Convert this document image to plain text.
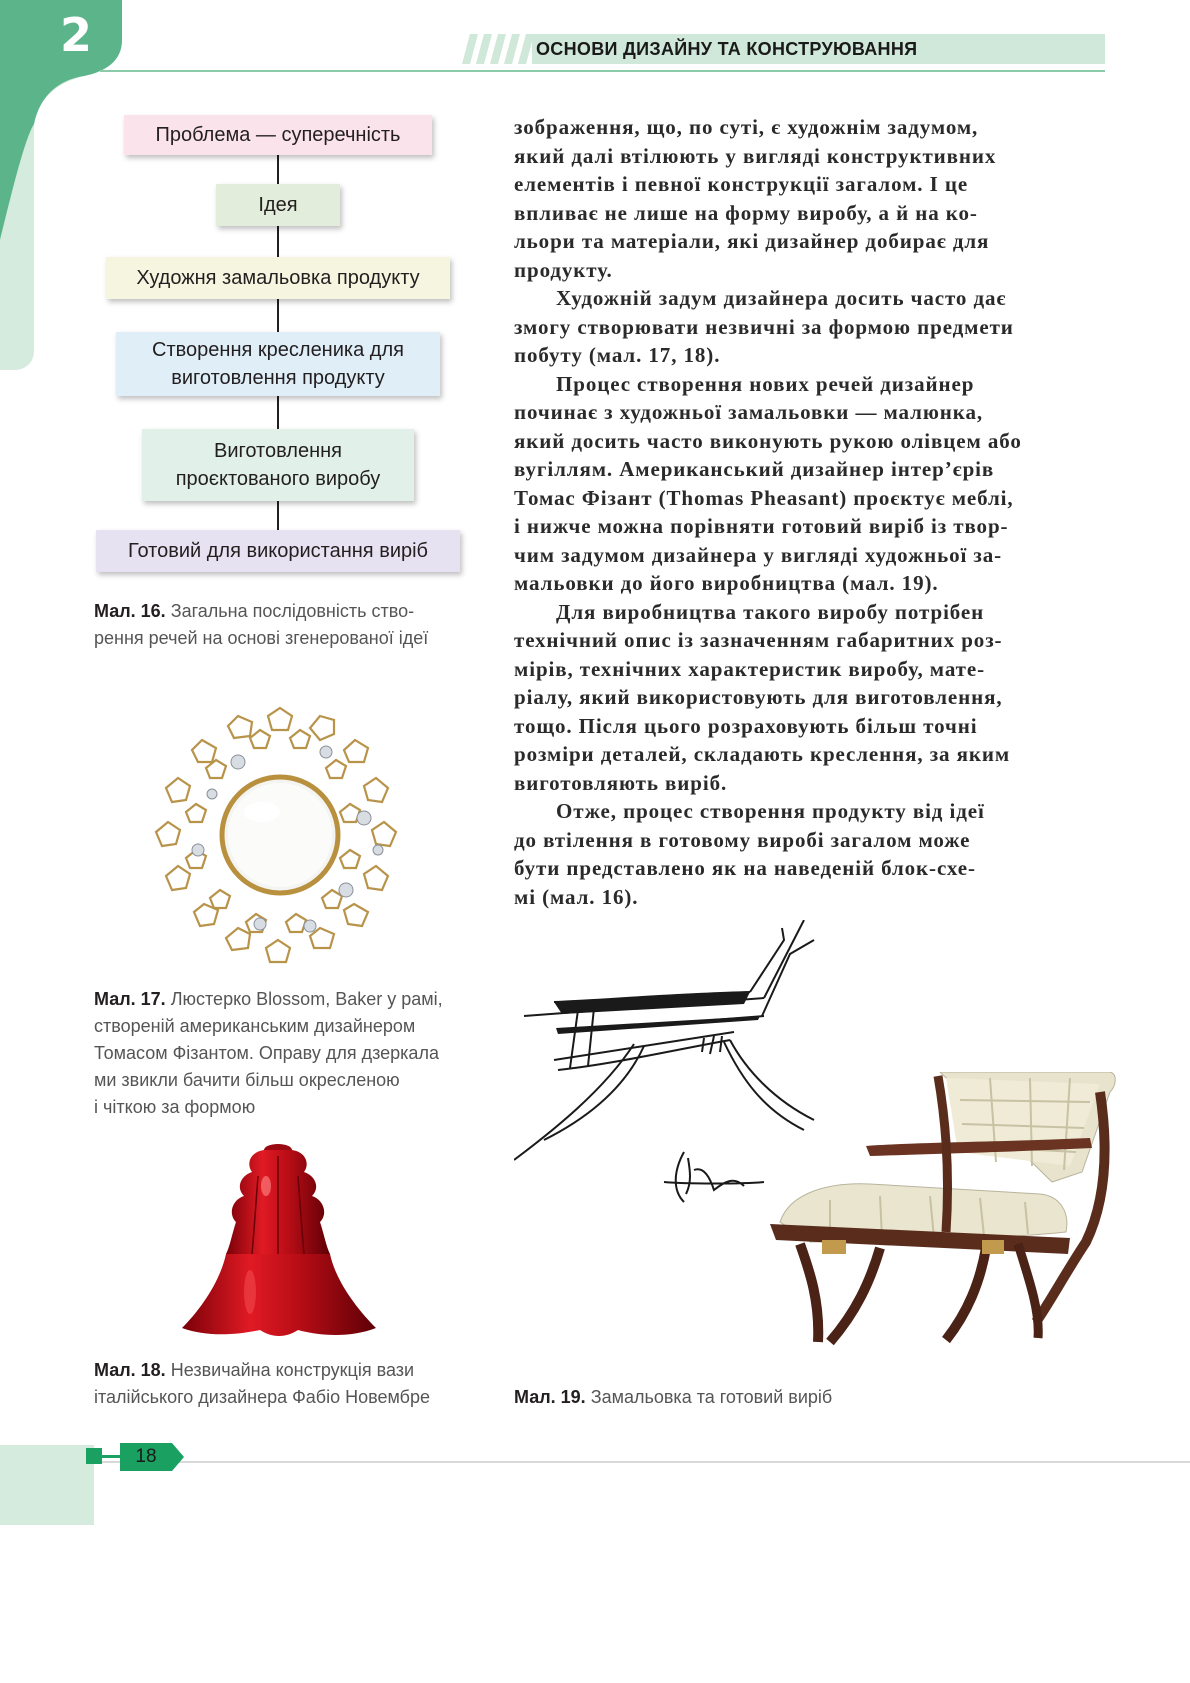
2	ОСНОВИ ДИЗАЙНУ ТА КОНСТРУЮВАННЯ
Проблема — суперечність
Ідея
Художня замальовка продукту
Створення кресленика для
виготовлення продукту
Виготовлення
проєктованого виробу
Готовий для використання виріб
Мал. 16. Загальна послідовність ство-
рення речей на основі згенерованої ідеї
Мал. 17. Люстерко Blossom, Baker у рамі,
створеній американським дизайнером
Томасом Фізантом. Оправу для дзеркала
ми звикли бачити більш окресленою
і чіткою за формою
Мал. 18. Незвичайна конструкція вази
італійського дизайнера Фабіо Новембре

зображення, що, по суті, є художнім задумом,

який далі втілюють у вигляді конструктивних

елементів і певної конструкції загалом. І це

впливає не лише на форму виробу, а й на ко-

льори та матеріали, які дизайнер добирає для

продукту.

Художній задум дизайнера досить часто дає

змогу створювати незвичні за формою предмети

побуту (мал. 17, 18).

Процес створення нових речей дизайнер

починає з художньої замальовки — малюнка,

який досить часто виконують рукою олівцем або

вугіллям. Американський дизайнер інтер’єрів

Томас Фізант (Thomas Pheasant) проєктує меблі,

і нижче можна порівняти готовий виріб із твор-

чим задумом дизайнера у вигляді художньої за-

мальовки до його виробництва (мал. 19).

Для виробництва такого виробу потрібен

технічний опис із зазначенням габаритних роз-

мірів, технічних характеристик виробу, мате-

ріалу, який використовують для виготовлення,

тощо. Після цього розраховують більш точні

розміри деталей, складають креслення, за яким

виготовляють виріб.

Отже, процес створення продукту від ідеї

до втілення в готовому виробі загалом може

бути представлено як на наведеній блок-схе-

мі (мал. 16).

Мал. 19. Замальовка та готовий виріб
18
